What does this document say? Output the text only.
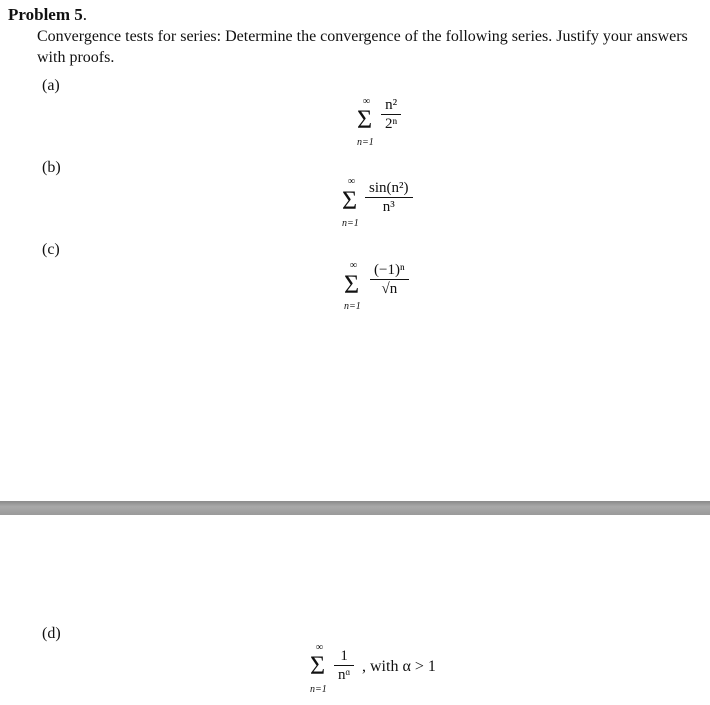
Problem 5.
Convergence tests for series: Determine the convergence of the following series. Justify your answers with proofs.
(a)
∞
Σ
n=1
$\frac{\text{n²}}{\text{2ⁿ}}$
(b)
∞
Σ
n=1
$\frac{\text{sin(n²)}}{\text{n³}}$
(c)
∞
Σ
n=1
$\frac{\text{(−1)ⁿ}}{√n}$
(d)
∞
Σ
n=1
$\frac{1}{\text{nᵅ}}$ , with α > 1
